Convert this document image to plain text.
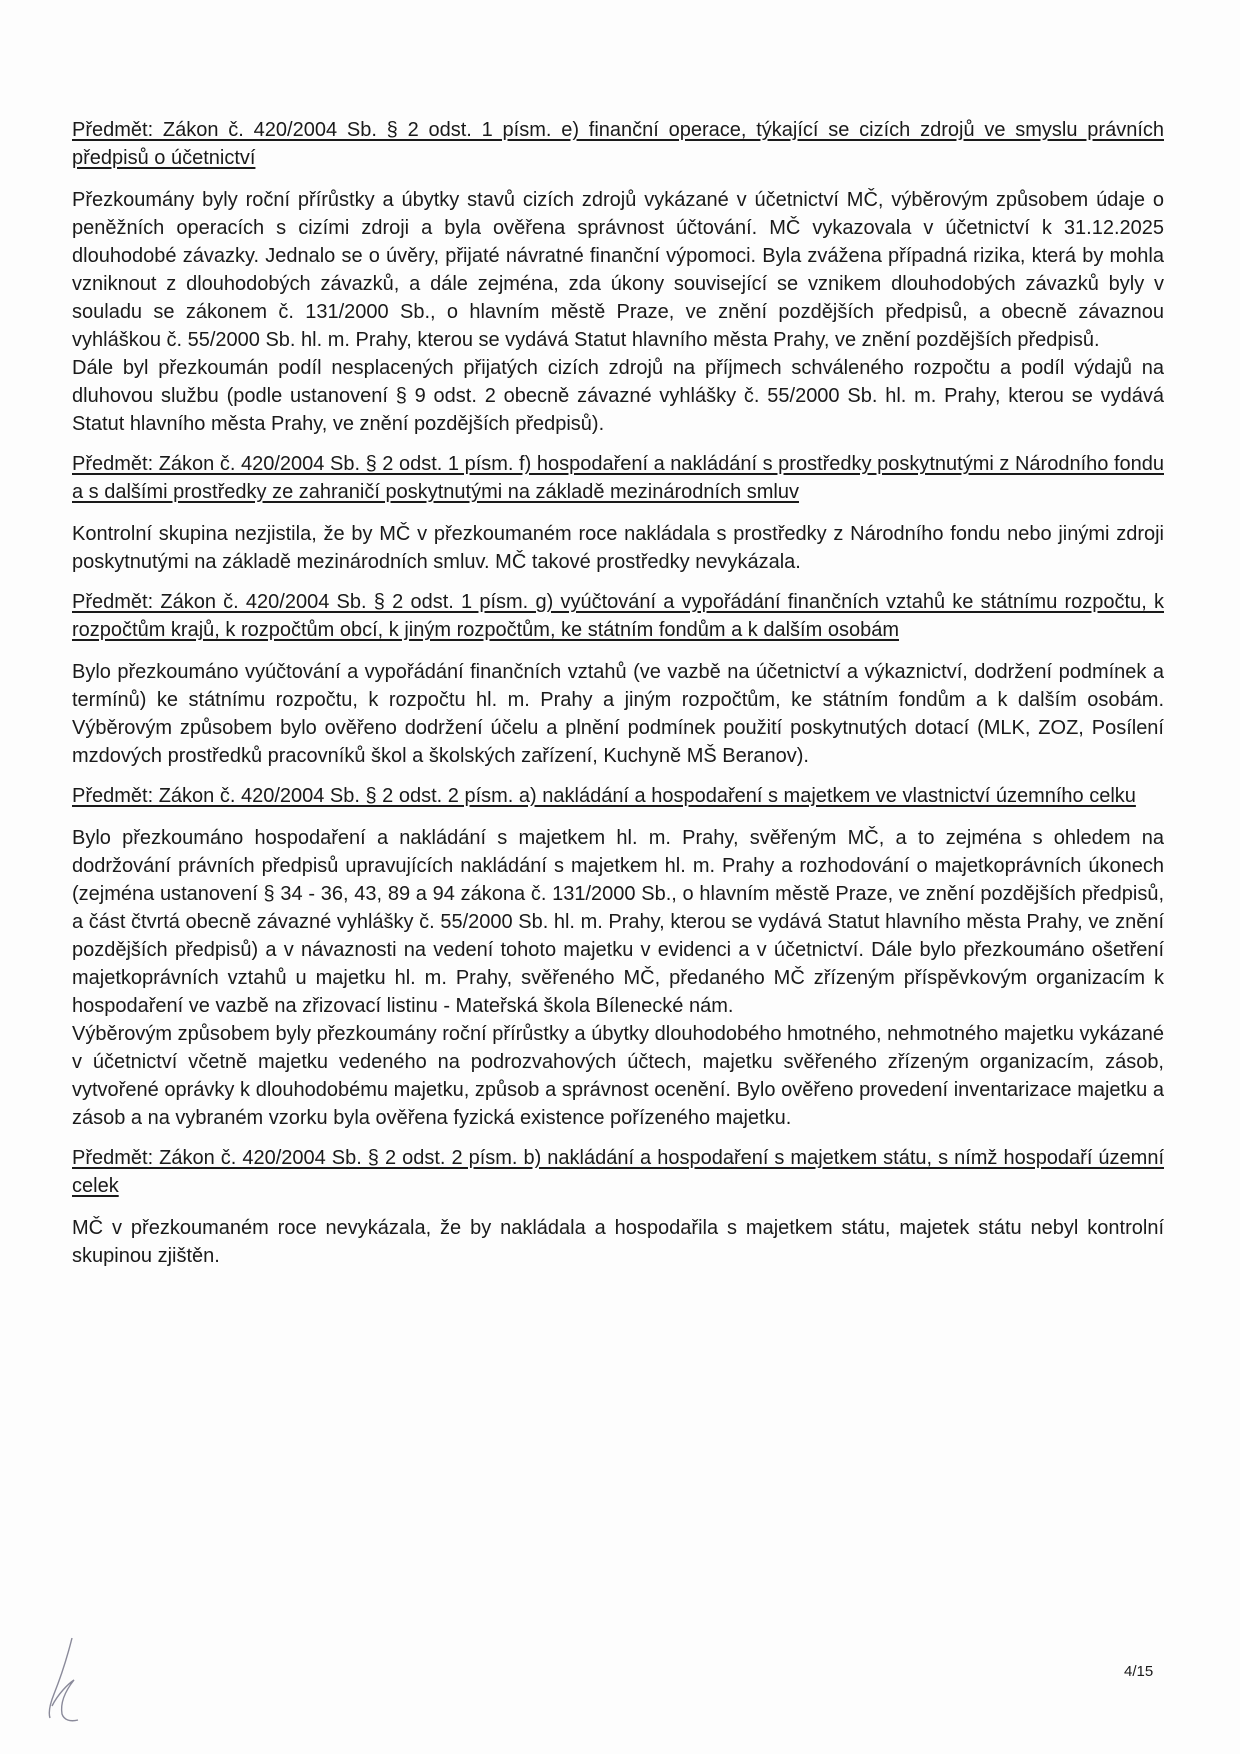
Předmět: Zákon č. 420/2004 Sb. § 2 odst. 1 písm. e) finanční operace, týkající se cizích zdrojů ve smyslu právních předpisů o účetnictví

Přezkoumány byly roční přírůstky a úbytky stavů cizích zdrojů vykázané v účetnictví MČ, výběrovým způsobem údaje o peněžních operacích s cizími zdroji a byla ověřena správnost účtování. MČ vykazovala v účetnictví k 31.12.2025 dlouhodobé závazky. Jednalo se o úvěry, přijaté návratné finanční výpomoci. Byla zvážena případná rizika, která by mohla vzniknout z dlouhodobých závazků, a dále zejména, zda úkony související se vznikem dlouhodobých závazků byly v souladu se zákonem č. 131/2000 Sb., o hlavním městě Praze, ve znění pozdějších předpisů, a obecně závaznou vyhláškou č. 55/2000 Sb. hl. m. Prahy, kterou se vydává Statut hlavního města Prahy, ve znění pozdějších předpisů.

Dále byl přezkoumán podíl nesplacených přijatých cizích zdrojů na příjmech schváleného rozpočtu a podíl výdajů na dluhovou službu (podle ustanovení § 9 odst. 2 obecně závazné vyhlášky č. 55/2000 Sb. hl. m. Prahy, kterou se vydává Statut hlavního města Prahy, ve znění pozdějších předpisů).

Předmět: Zákon č. 420/2004 Sb. § 2 odst. 1 písm. f) hospodaření a nakládání s prostředky poskytnutými z Národního fondu a s dalšími prostředky ze zahraničí poskytnutými na základě mezinárodních smluv

Kontrolní skupina nezjistila, že by MČ v přezkoumaném roce nakládala s prostředky z Národního fondu nebo jinými zdroji poskytnutými na základě mezinárodních smluv. MČ takové prostředky nevykázala.

Předmět: Zákon č. 420/2004 Sb. § 2 odst. 1 písm. g) vyúčtování a vypořádání finančních vztahů ke státnímu rozpočtu, k rozpočtům krajů, k rozpočtům obcí, k jiným rozpočtům, ke státním fondům a k dalším osobám

Bylo přezkoumáno vyúčtování a vypořádání finančních vztahů (ve vazbě na účetnictví a výkaznictví, dodržení podmínek a termínů) ke státnímu rozpočtu, k rozpočtu hl. m. Prahy a jiným rozpočtům, ke státním fondům a k dalším osobám. Výběrovým způsobem bylo ověřeno dodržení účelu a plnění podmínek použití poskytnutých dotací (MLK, ZOZ, Posílení mzdových prostředků pracovníků škol a školských zařízení, Kuchyně MŠ Beranov).

Předmět: Zákon č. 420/2004 Sb. § 2 odst. 2 písm. a) nakládání a hospodaření s majetkem ve vlastnictví územního celku

Bylo přezkoumáno hospodaření a nakládání s majetkem hl. m. Prahy, svěřeným MČ, a to zejména s ohledem na dodržování právních předpisů upravujících nakládání s majetkem hl. m. Prahy a rozhodování o majetkoprávních úkonech (zejména ustanovení § 34 - 36, 43, 89 a 94 zákona č. 131/2000 Sb., o hlavním městě Praze, ve znění pozdějších předpisů, a část čtvrtá obecně závazné vyhlášky č. 55/2000 Sb. hl. m. Prahy, kterou se vydává Statut hlavního města Prahy, ve znění pozdějších předpisů) a v návaznosti na vedení tohoto majetku v evidenci a v účetnictví. Dále bylo přezkoumáno ošetření majetkoprávních vztahů u majetku hl. m. Prahy, svěřeného MČ, předaného MČ zřízeným příspěvkovým organizacím k hospodaření ve vazbě na zřizovací listinu - Mateřská škola Bílenecké nám.

Výběrovým způsobem byly přezkoumány roční přírůstky a úbytky dlouhodobého hmotného, nehmotného majetku vykázané v účetnictví včetně majetku vedeného na podrozvahových účtech, majetku svěřeného zřízeným organizacím, zásob, vytvořené oprávky k dlouhodobému majetku, způsob a správnost ocenění. Bylo ověřeno provedení inventarizace majetku a zásob a na vybraném vzorku byla ověřena fyzická existence pořízeného majetku.

Předmět: Zákon č. 420/2004 Sb. § 2 odst. 2 písm. b) nakládání a hospodaření s majetkem státu, s nímž hospodaří územní celek

MČ v přezkoumaném roce nevykázala, že by nakládala a hospodařila s majetkem státu, majetek státu nebyl kontrolní skupinou zjištěn.

4/15
